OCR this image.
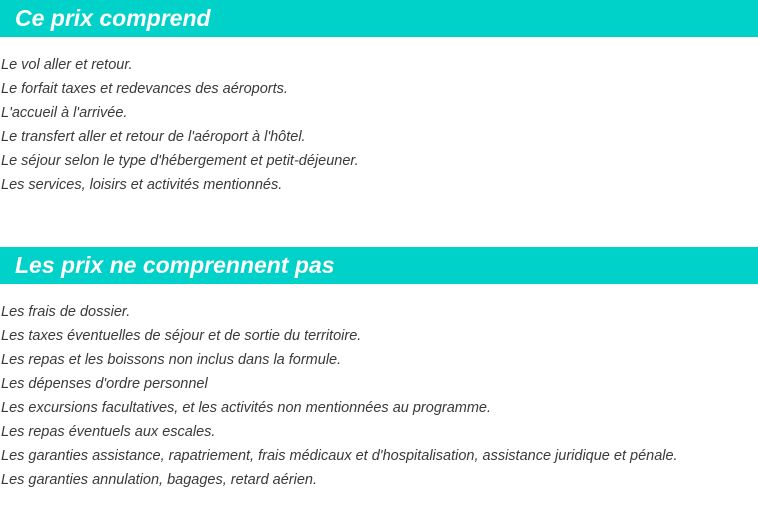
Ce prix comprend
Le vol aller et retour.
Le forfait taxes et redevances des aéroports.
L'accueil à l'arrivée.
Le transfert aller et retour de l'aéroport à l'hôtel.
Le séjour selon le type d'hébergement et petit-déjeuner.
Les services, loisirs et activités mentionnés.
Les prix ne comprennent pas
Les frais de dossier.
Les taxes éventuelles de séjour et de sortie du territoire.
Les repas et les boissons non inclus dans la formule.
Les dépenses d'ordre personnel
Les excursions facultatives, et les activités non mentionnées au programme.
Les repas éventuels aux escales.
Les garanties assistance, rapatriement, frais médicaux et d'hospitalisation, assistance juridique et pénale.
Les garanties annulation, bagages, retard aérien.
